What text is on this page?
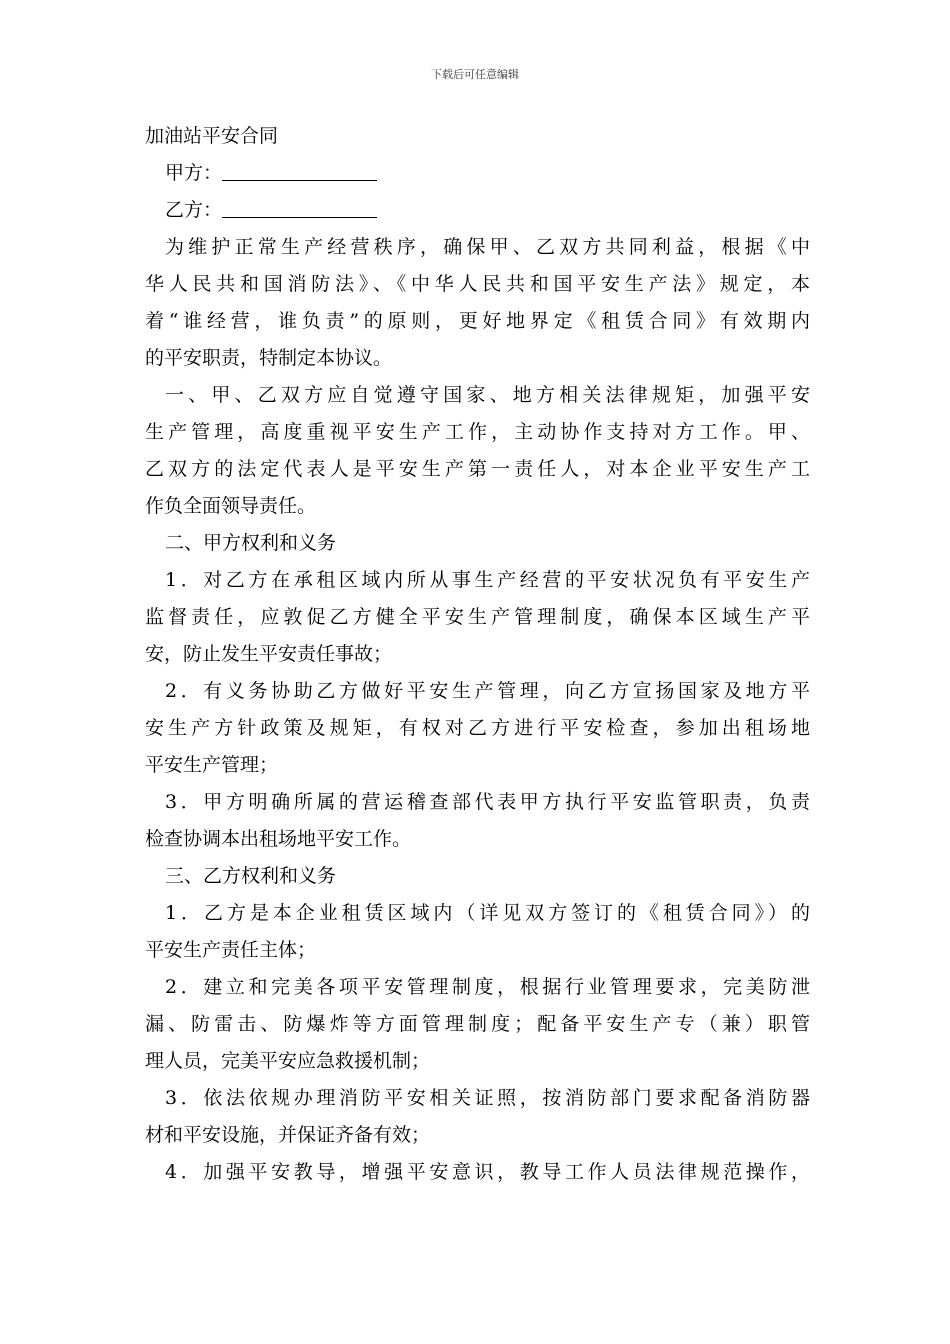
下载后可任意编辑
加油站平安合同
甲方：
乙方：
为维护正常生产经营秩序，确保甲、乙双方共同利益，根据《中
华人民共和国消防法》、《中华人民共和国平安生产法》规定，本
着“谁经营，谁负责”的原则，更好地界定《租赁合同》有效期内
的平安职责，特制定本协议。
一、甲、乙双方应自觉遵守国家、地方相关法律规矩，加强平安
生产管理，高度重视平安生产工作，主动协作支持对方工作。甲、
乙双方的法定代表人是平安生产第一责任人，对本企业平安生产工
作负全面领导责任。
二、甲方权利和义务
1．对乙方在承租区域内所从事生产经营的平安状况负有平安生产
监督责任，应敦促乙方健全平安生产管理制度，确保本区域生产平
安，防止发生平安责任事故；
2．有义务协助乙方做好平安生产管理，向乙方宣扬国家及地方平
安生产方针政策及规矩，有权对乙方进行平安检查，参加出租场地
平安生产管理；
3．甲方明确所属的营运稽查部代表甲方执行平安监管职责，负责
检查协调本出租场地平安工作。
三、乙方权利和义务
1．乙方是本企业租赁区域内（详见双方签订的《租赁合同》）的
平安生产责任主体；
2．建立和完美各项平安管理制度，根据行业管理要求，完美防泄
漏、防雷击、防爆炸等方面管理制度；配备平安生产专（兼）职管
理人员，完美平安应急救援机制；
3．依法依规办理消防平安相关证照，按消防部门要求配备消防器
材和平安设施，并保证齐备有效；
4．加强平安教导，增强平安意识，教导工作人员法律规范操作，
